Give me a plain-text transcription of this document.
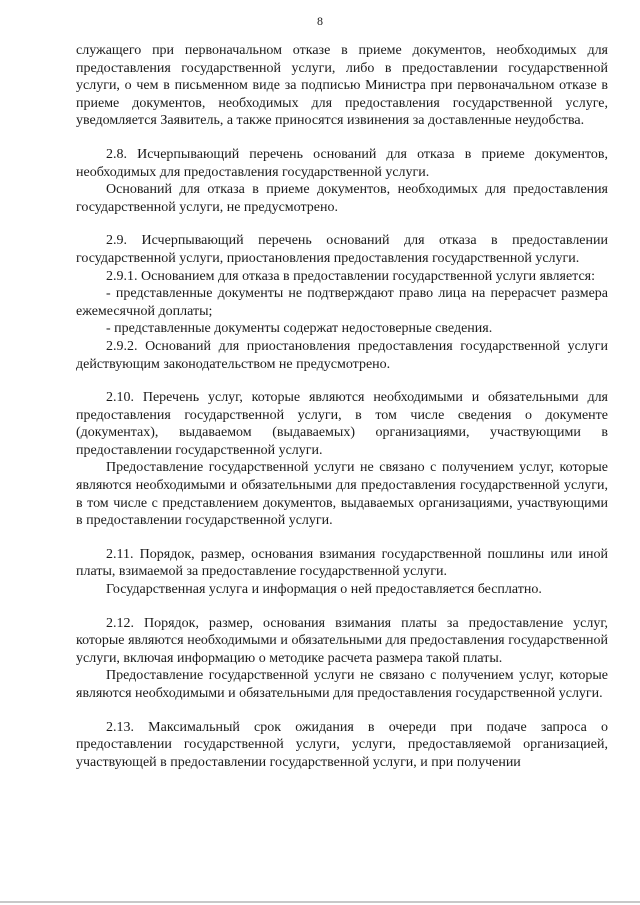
8

служащего при первоначальном отказе в приеме документов, необходимых для предоставления государственной услуги, либо в предоставлении государственной услуги, о чем в письменном виде за подписью Министра при первоначальном отказе в приеме документов, необходимых для предоставления государственной услуге, уведомляется Заявитель, а также приносятся извинения за доставленные неудобства.

2.8. Исчерпывающий перечень оснований для отказа в приеме документов, необходимых для предоставления государственной услуги.

Оснований для отказа в приеме документов, необходимых для предоставления государственной услуги, не предусмотрено.

2.9. Исчерпывающий перечень оснований для отказа в предоставлении государственной услуги, приостановления предоставления государственной услуги.

2.9.1. Основанием для отказа в предоставлении государственной услуги является:

- представленные документы не подтверждают право лица на перерасчет размера ежемесячной доплаты;

- представленные документы содержат недостоверные сведения.

2.9.2. Оснований для приостановления предоставления государственной услуги действующим законодательством не предусмотрено.

2.10. Перечень услуг, которые являются необходимыми и обязательными для предоставления государственной услуги, в том числе сведения о документе (документах), выдаваемом (выдаваемых) организациями, участвующими в предоставлении государственной услуги.

Предоставление государственной услуги не связано с получением услуг, которые являются необходимыми и обязательными для предоставления государственной услуги, в том числе с представлением документов, выдаваемых организациями, участвующими в предоставлении государственной услуги.

2.11. Порядок, размер, основания взимания государственной пошлины или иной платы, взимаемой за предоставление государственной услуги.

Государственная услуга и информация о ней предоставляется бесплатно.

2.12. Порядок, размер, основания взимания платы за предоставление услуг, которые являются необходимыми и обязательными для предоставления государственной услуги, включая информацию о методике расчета размера такой платы.

Предоставление государственной услуги не связано с получением услуг, которые являются необходимыми и обязательными для предоставления государственной услуги.

2.13. Максимальный срок ожидания в очереди при подаче запроса о предоставлении государственной услуги, услуги, предоставляемой организацией, участвующей в предоставлении государственной услуги, и при получении
